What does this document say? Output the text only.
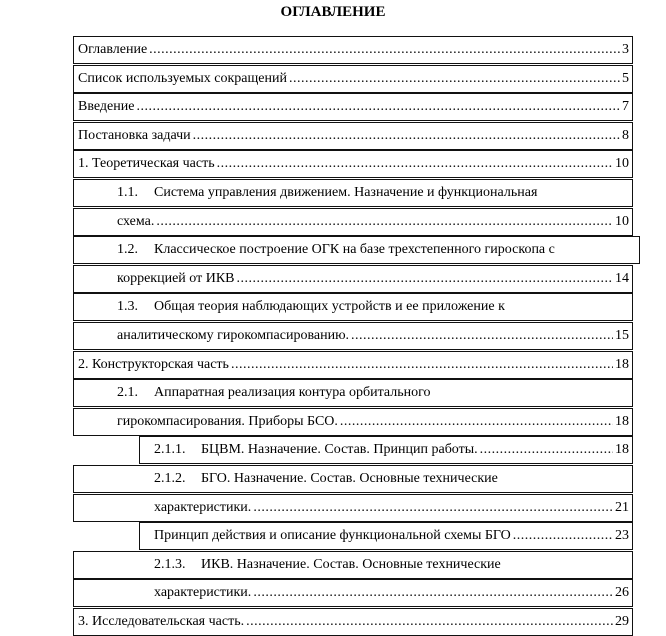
ОГЛАВЛЕНИЕ
Оглавление .....	3
Список используемых сокращений .....	5
Введение .....	7
Постановка задачи .....	8
1. Теоретическая часть .....	10
1.1.	Система управления движением. Назначение и функциональная
схема. .....	10
1.2.	Классическое построение ОГК на базе трехстепенного гироскопа с
коррекцией от ИКВ .....	14
1.3.	Общая теория наблюдающих устройств и ее приложение к
аналитическому гирокомпасированию. .....	15
2. Конструкторская часть .....	18
2.1.	Аппаратная реализация контура орбитального
гирокомпасирования. Приборы БСО. .....	18
2.1.1.	БЦВМ. Назначение. Состав. Принцип работы. .....	18
2.1.2.	БГО. Назначение. Состав. Основные технические
характеристики. .....	21
Принцип действия и описание функциональной схемы БГО .....	23
2.1.3.	ИКВ. Назначение. Состав. Основные технические
характеристики. .....	26
3. Исследовательская часть. .....	29
